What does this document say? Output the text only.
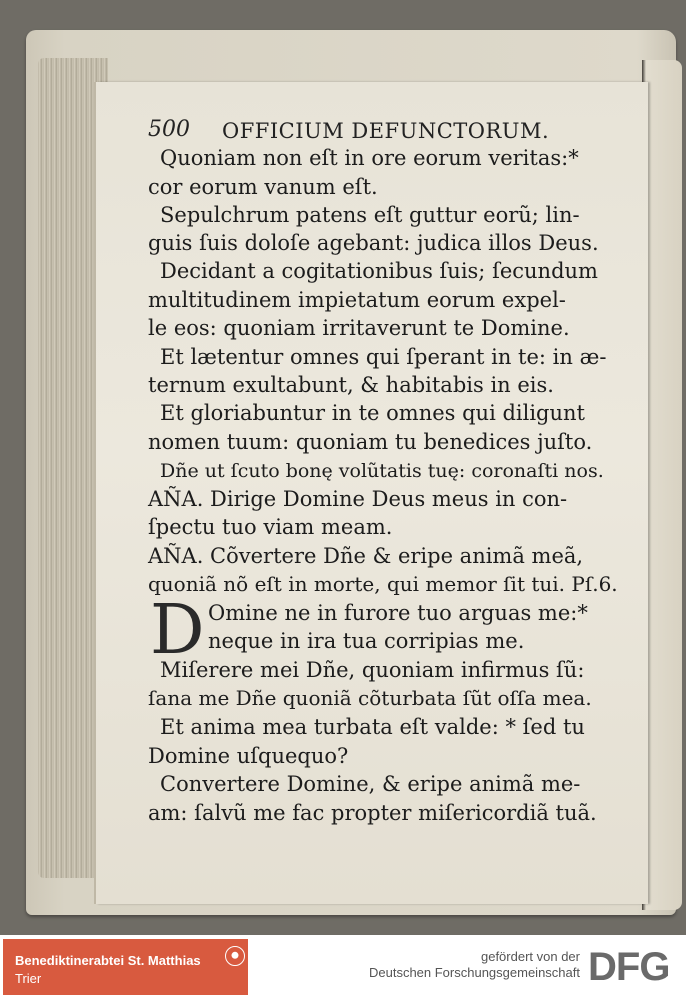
500 OFFICIUM DEFUNCTORUM.
D
Quoniam non eſt in ore eorum veritas:*
cor eorum vanum eſt.
Sepulchrum patens eſt guttur eorũ; lin-
guis ſuis doloſe agebant: judica illos Deus.
Decidant a cogitationibus ſuis; ſecundum
multitudinem impietatum eorum expel-
le eos: quoniam irritaverunt te Domine.
Et lætentur omnes qui ſperant in te: in æ-
ternum exultabunt, & habitabis in eis.
Et gloriabuntur in te omnes qui diligunt
nomen tuum: quoniam tu benedices juſto.
Dñe ut ſcuto bonę volũtatis tuę: coronaſti nos.
AÑA. Dirige Domine Deus meus in con-
ſpectu tuo viam meam.
AÑA. Cõvertere Dñe & eripe animã meã,
quoniã nõ eſt in morte, qui memor ſit tui. Pſ.6.
Omine ne in furore tuo arguas me:*
neque in ira tua corripias me.
Miſerere mei Dñe, quoniam infirmus ſũ:
ſana me Dñe quoniã cõturbata ſũt oſſa mea.
Et anima mea turbata eſt valde: * ſed tu
Domine uſquequo?
Convertere Domine, & eripe animã me-
am: ſalvũ me fac propter miſericordiã tuã.
Benediktinerabtei St. Matthias
Trier
gefördert von der
Deutschen Forschungsgemeinschaft DFG
